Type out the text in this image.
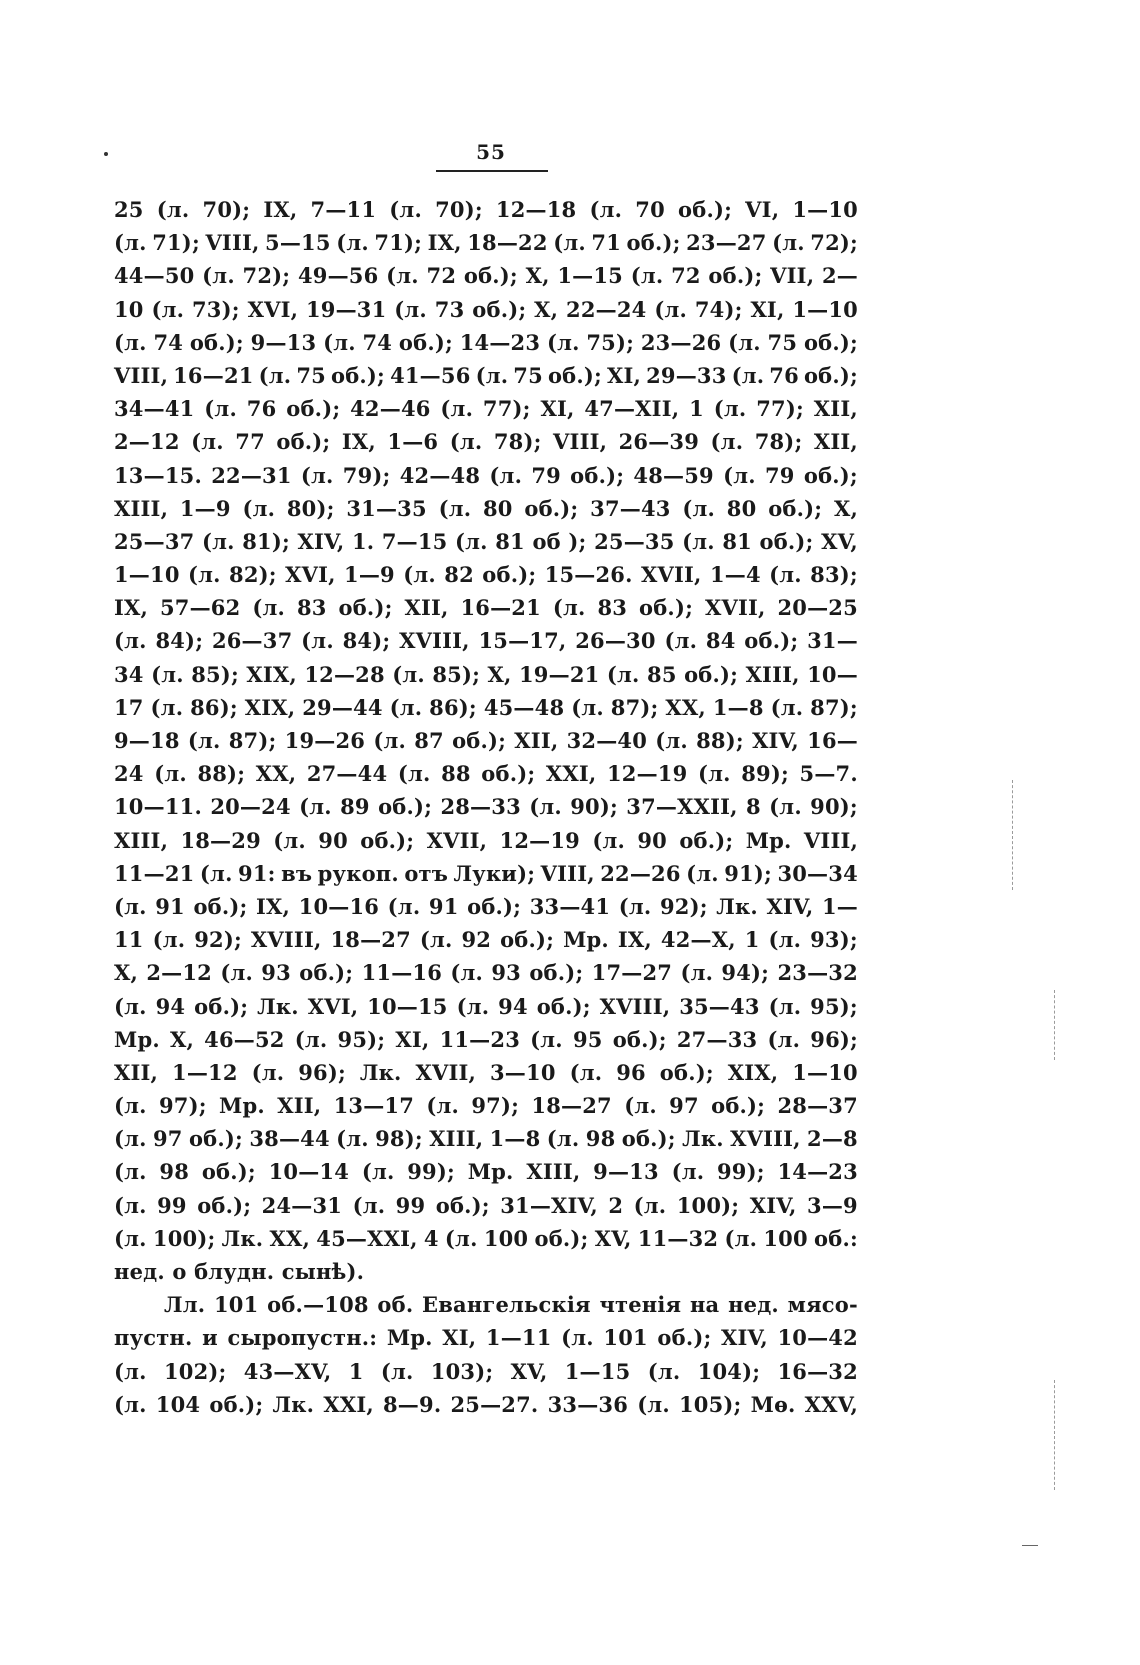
55
25 (л. 70); IX, 7—11 (л. 70); 12—18 (л. 70 об.); VI, 1—10
(л. 71); VIII, 5—15 (л. 71); IX, 18—22 (л. 71 об.); 23—27 (л. 72);
44—50 (л. 72); 49—56 (л. 72 об.); X, 1—15 (л. 72 об.); VII, 2—
10 (л. 73); XVI, 19—31 (л. 73 об.); X, 22—24 (л. 74); XI, 1—10
(л. 74 об.); 9—13 (л. 74 об.); 14—23 (л. 75); 23—26 (л. 75 об.);
VIII, 16—21 (л. 75 об.); 41—56 (л. 75 об.); XI, 29—33 (л. 76 об.);
34—41 (л. 76 об.); 42—46 (л. 77); XI, 47—XII, 1 (л. 77); XII,
2—12 (л. 77 об.); IX, 1—6 (л. 78); VIII, 26—39 (л. 78); XII,
13—15. 22—31 (л. 79); 42—48 (л. 79 об.); 48—59 (л. 79 об.);
XIII, 1—9 (л. 80); 31—35 (л. 80 об.); 37—43 (л. 80 об.); X,
25—37 (л. 81); XIV, 1. 7—15 (л. 81 об ); 25—35 (л. 81 об.); XV,
1—10 (л. 82); XVI, 1—9 (л. 82 об.); 15—26. XVII, 1—4 (л. 83);
IX, 57—62 (л. 83 об.); XII, 16—21 (л. 83 об.); XVII, 20—25
(л. 84); 26—37 (л. 84); XVIII, 15—17, 26—30 (л. 84 об.); 31—
34 (л. 85); XIX, 12—28 (л. 85); X, 19—21 (л. 85 об.); XIII, 10—
17 (л. 86); XIX, 29—44 (л. 86); 45—48 (л. 87); XX, 1—8 (л. 87);
9—18 (л. 87); 19—26 (л. 87 об.); XII, 32—40 (л. 88); XIV, 16—
24 (л. 88); XX, 27—44 (л. 88 об.); XXI, 12—19 (л. 89); 5—7.
10—11. 20—24 (л. 89 об.); 28—33 (л. 90); 37—XXII, 8 (л. 90);
XIII, 18—29 (л. 90 об.); XVII, 12—19 (л. 90 об.); Мр. VIII,
11—21 (л. 91: въ рукоп. отъ Луки); VIII, 22—26 (л. 91); 30—34
(л. 91 об.); IX, 10—16 (л. 91 об.); 33—41 (л. 92); Лк. XIV, 1—
11 (л. 92); XVIII, 18—27 (л. 92 об.); Мр. IX, 42—X, 1 (л. 93);
X, 2—12 (л. 93 об.); 11—16 (л. 93 об.); 17—27 (л. 94); 23—32
(л. 94 об.); Лк. XVI, 10—15 (л. 94 об.); XVIII, 35—43 (л. 95);
Мр. X, 46—52 (л. 95); XI, 11—23 (л. 95 об.); 27—33 (л. 96);
XII, 1—12 (л. 96); Лк. XVII, 3—10 (л. 96 об.); XIX, 1—10
(л. 97); Мр. XII, 13—17 (л. 97); 18—27 (л. 97 об.); 28—37
(л. 97 об.); 38—44 (л. 98); XIII, 1—8 (л. 98 об.); Лк. XVIII, 2—8
(л. 98 об.); 10—14 (л. 99); Мр. XIII, 9—13 (л. 99); 14—23
(л. 99 об.); 24—31 (л. 99 об.); 31—XIV, 2 (л. 100); XIV, 3—9
(л. 100); Лк. XX, 45—XXI, 4 (л. 100 об.); XV, 11—32 (л. 100 об.:
нед. о блудн. сынѣ).
Лл. 101 об.—108 об. Евангельскія чтенія на нед. мясо-
пустн. и сыропустн.: Мр. XI, 1—11 (л. 101 об.); XIV, 10—42
(л. 102); 43—XV, 1 (л. 103); XV, 1—15 (л. 104); 16—32
(л. 104 об.); Лк. XXI, 8—9. 25—27. 33—36 (л. 105); Мѳ. XXV,
